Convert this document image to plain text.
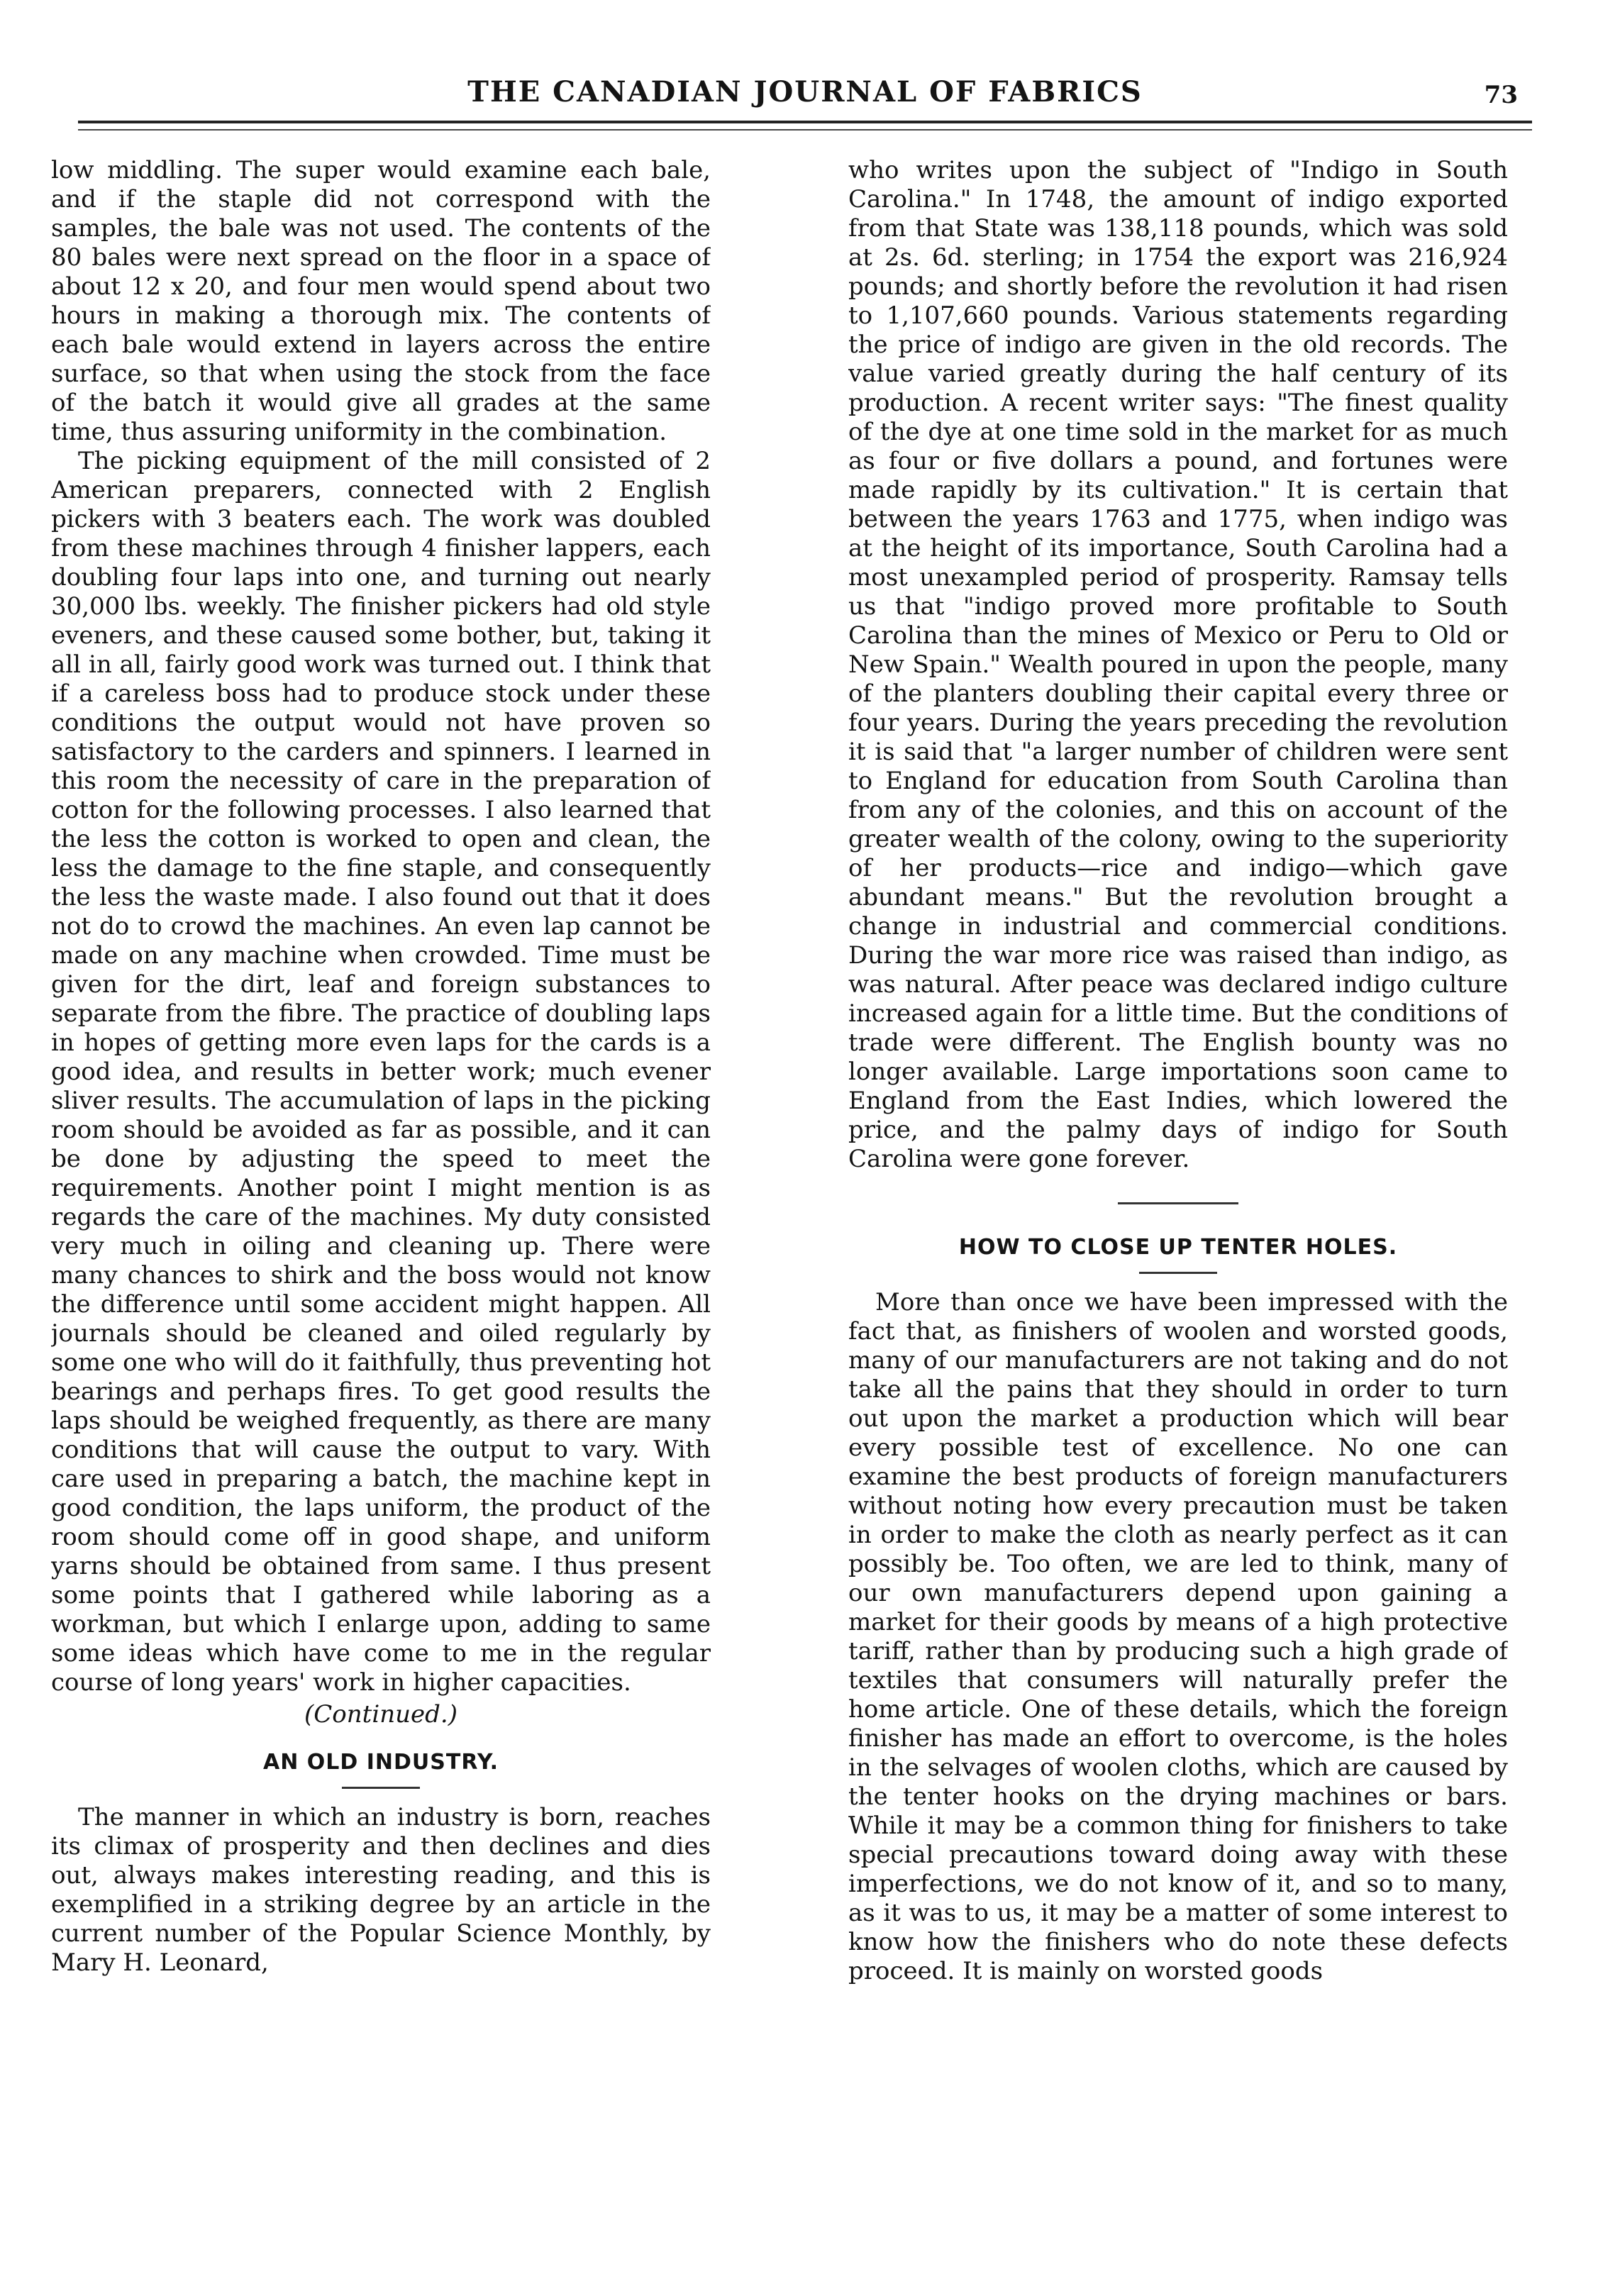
THE CANADIAN JOURNAL OF FABRICS	73

low middling. The super would examine each bale, and if the staple did not correspond with the samples, the bale was not used. The contents of the 80 bales were next spread on the floor in a space of about 12 x 20, and four men would spend about two hours in making a thorough mix. The contents of each bale would extend in layers across the entire surface, so that when using the stock from the face of the batch it would give all grades at the same time, thus assuring uniformity in the combination.

The picking equipment of the mill consisted of 2 American preparers, connected with 2 English pickers with 3 beaters each. The work was doubled from these machines through 4 finisher lappers, each doubling four laps into one, and turning out nearly 30,000 lbs. weekly. The finisher pickers had old style eveners, and these caused some bother, but, taking it all in all, fairly good work was turned out. I think that if a careless boss had to produce stock under these conditions the output would not have proven so satisfactory to the carders and spinners. I learned in this room the necessity of care in the preparation of cotton for the following processes. I also learned that the less the cotton is worked to open and clean, the less the damage to the fine staple, and consequently the less the waste made. I also found out that it does not do to crowd the machines. An even lap cannot be made on any machine when crowded. Time must be given for the dirt, leaf and foreign substances to separate from the fibre. The practice of doubling laps in hopes of getting more even laps for the cards is a good idea, and results in better work; much evener sliver results. The accumulation of laps in the picking room should be avoided as far as possible, and it can be done by adjusting the speed to meet the requirements. Another point I might mention is as regards the care of the machines. My duty consisted very much in oiling and cleaning up. There were many chances to shirk and the boss would not know the difference until some accident might happen. All journals should be cleaned and oiled regularly by some one who will do it faithfully, thus preventing hot bearings and perhaps fires. To get good results the laps should be weighed frequently, as there are many conditions that will cause the output to vary. With care used in preparing a batch, the machine kept in good condition, the laps uniform, the product of the room should come off in good shape, and uniform yarns should be obtained from same. I thus present some points that I gathered while laboring as a workman, but which I enlarge upon, adding to same some ideas which have come to me in the regular course of long years' work in higher capacities.

(Continued.)
AN OLD INDUSTRY.

The manner in which an industry is born, reaches its climax of prosperity and then declines and dies out, always makes interesting reading, and this is exemplified in a striking degree by an article in the current number of the Popular Science Monthly, by Mary H. Leonard,

who writes upon the subject of "Indigo in South Carolina." In 1748, the amount of indigo exported from that State was 138,118 pounds, which was sold at 2s. 6d. sterling; in 1754 the export was 216,924 pounds; and shortly before the revolution it had risen to 1,107,660 pounds. Various statements regarding the price of indigo are given in the old records. The value varied greatly during the half century of its production. A recent writer says: "The finest quality of the dye at one time sold in the market for as much as four or five dollars a pound, and fortunes were made rapidly by its cultivation." It is certain that between the years 1763 and 1775, when indigo was at the height of its importance, South Carolina had a most unexampled period of prosperity. Ramsay tells us that "indigo proved more profitable to South Carolina than the mines of Mexico or Peru to Old or New Spain." Wealth poured in upon the people, many of the planters doubling their capital every three or four years. During the years preceding the revolution it is said that "a larger number of children were sent to England for education from South Carolina than from any of the colonies, and this on account of the greater wealth of the colony, owing to the superiority of her products—rice and indigo—which gave abundant means." But the revolution brought a change in industrial and commercial conditions. During the war more rice was raised than indigo, as was natural. After peace was declared indigo culture increased again for a little time. But the conditions of trade were different. The English bounty was no longer available. Large importations soon came to England from the East Indies, which lowered the price, and the palmy days of indigo for South Carolina were gone forever.

HOW TO CLOSE UP TENTER HOLES.

More than once we have been impressed with the fact that, as finishers of woolen and worsted goods, many of our manufacturers are not taking and do not take all the pains that they should in order to turn out upon the market a production which will bear every possible test of excellence. No one can examine the best products of foreign manufacturers without noting how every precaution must be taken in order to make the cloth as nearly perfect as it can possibly be. Too often, we are led to think, many of our own manufacturers depend upon gaining a market for their goods by means of a high protective tariff, rather than by producing such a high grade of textiles that consumers will naturally prefer the home article. One of these details, which the foreign finisher has made an effort to overcome, is the holes in the selvages of woolen cloths, which are caused by the tenter hooks on the drying machines or bars. While it may be a common thing for finishers to take special precautions toward doing away with these imperfections, we do not know of it, and so to many, as it was to us, it may be a matter of some interest to know how the finishers who do note these defects proceed. It is mainly on worsted goods
